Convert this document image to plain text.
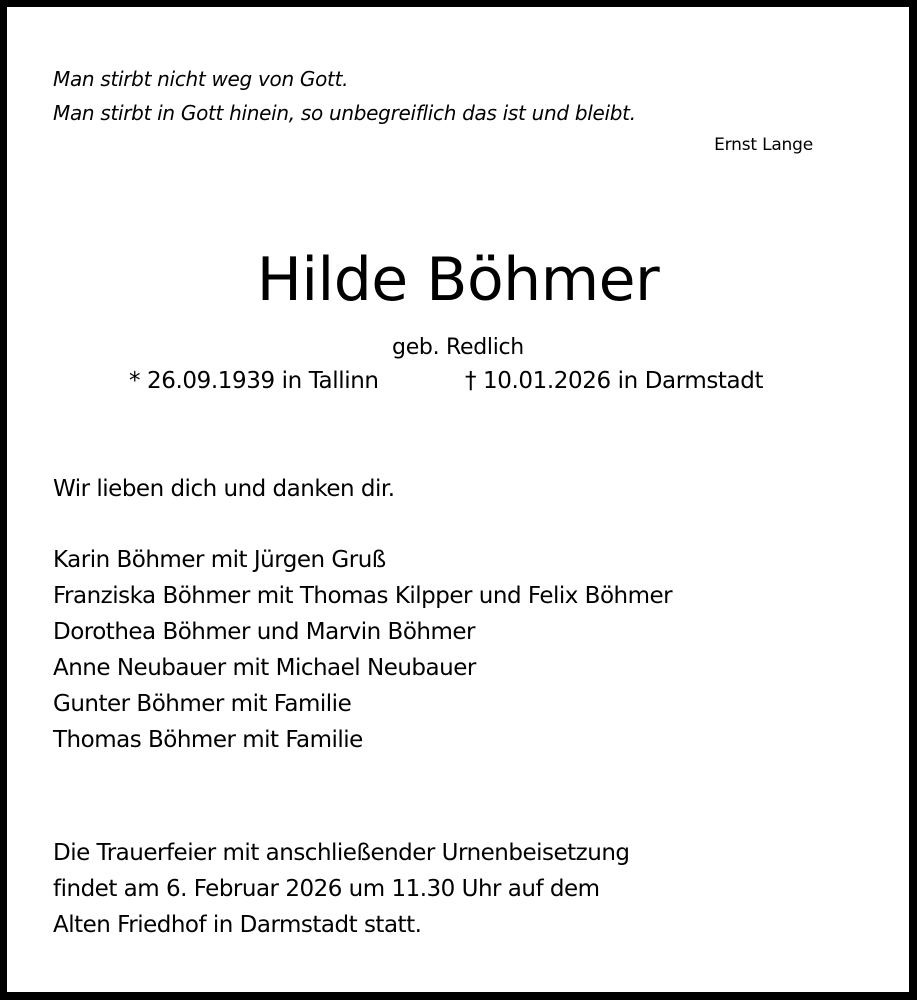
Man stirbt nicht weg von Gott.
Man stirbt in Gott hinein, so unbegreiflich das ist und bleibt.
Ernst Lange
Hilde Böhmer
geb. Redlich
* 26.09.1939 in Tallinn	† 10.01.2026 in Darmstadt
Wir lieben dich und danken dir.
Karin Böhmer mit Jürgen Gruß
Franziska Böhmer mit Thomas Kilpper und Felix Böhmer
Dorothea Böhmer und Marvin Böhmer
Anne Neubauer mit Michael Neubauer
Gunter Böhmer mit Familie
Thomas Böhmer mit Familie
Die Trauerfeier mit anschließender Urnenbeisetzung
findet am 6. Februar 2026 um 11.30 Uhr auf dem
Alten Friedhof in Darmstadt statt.
